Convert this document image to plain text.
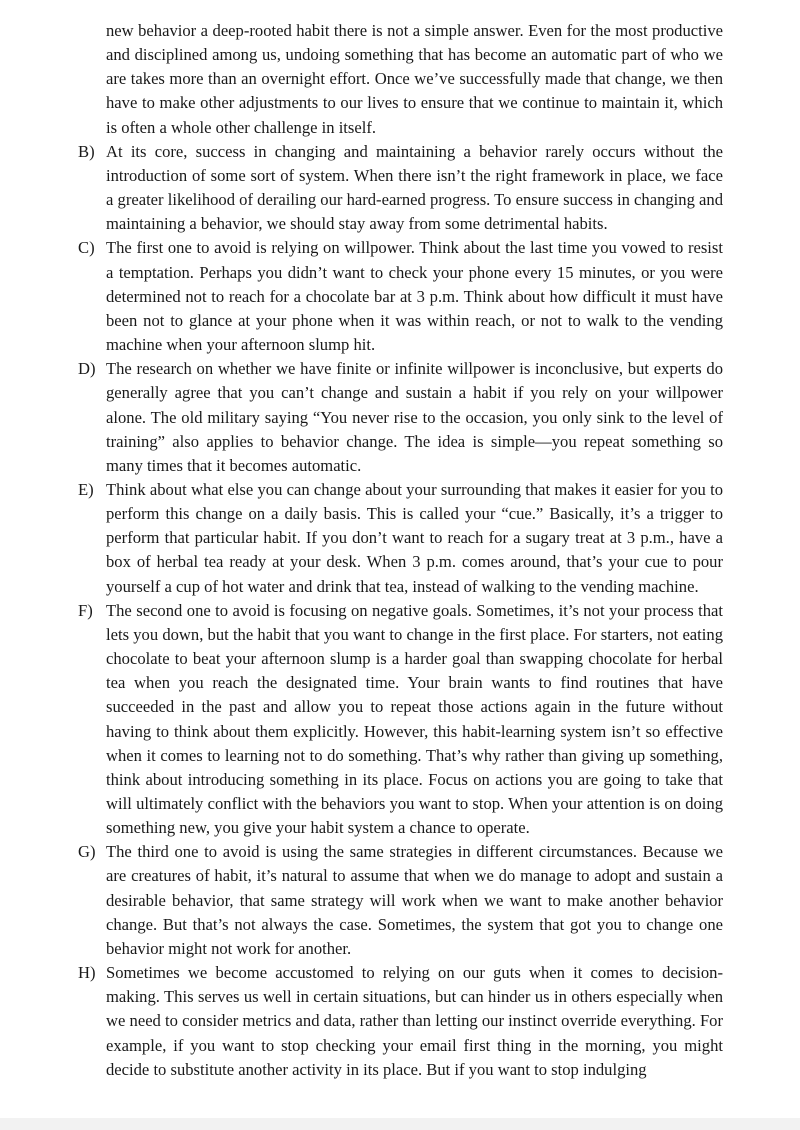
new behavior a deep-rooted habit there is not a simple answer. Even for the most productive and disciplined among us, undoing something that has become an automatic part of who we are takes more than an overnight effort. Once we’ve successfully made that change, we then have to make other adjustments to our lives to ensure that we continue to maintain it, which is often a whole other challenge in itself.

B) At its core, success in changing and maintaining a behavior rarely occurs without the introduction of some sort of system. When there isn’t the right framework in place, we face a greater likelihood of derailing our hard-earned progress. To ensure success in changing and maintaining a behavior, we should stay away from some detrimental habits.
C) The first one to avoid is relying on willpower. Think about the last time you vowed to resist a temptation. Perhaps you didn’t want to check your phone every 15 minutes, or you were determined not to reach for a chocolate bar at 3 p.m. Think about how difficult it must have been not to glance at your phone when it was within reach, or not to walk to the vending machine when your afternoon slump hit.
D) The research on whether we have finite or infinite willpower is inconclusive, but experts do generally agree that you can’t change and sustain a habit if you rely on your willpower alone. The old military saying “You never rise to the occasion, you only sink to the level of training” also applies to behavior change. The idea is simple—you repeat something so many times that it becomes automatic.
E) Think about what else you can change about your surrounding that makes it easier for you to perform this change on a daily basis. This is called your “cue.” Basically, it’s a trigger to perform that particular habit. If you don’t want to reach for a sugary treat at 3 p.m., have a box of herbal tea ready at your desk. When 3 p.m. comes around, that’s your cue to pour yourself a cup of hot water and drink that tea, instead of walking to the vending machine.
F) The second one to avoid is focusing on negative goals. Sometimes, it’s not your process that lets you down, but the habit that you want to change in the first place. For starters, not eating chocolate to beat your afternoon slump is a harder goal than swapping chocolate for herbal tea when you reach the designated time. Your brain wants to find routines that have succeeded in the past and allow you to repeat those actions again in the future without having to think about them explicitly. However, this habit-learning system isn’t so effective when it comes to learning not to do something. That’s why rather than giving up something, think about introducing something in its place. Focus on actions you are going to take that will ultimately conflict with the behaviors you want to stop. When your attention is on doing something new, you give your habit system a chance to operate.
G) The third one to avoid is using the same strategies in different circumstances. Because we are creatures of habit, it’s natural to assume that when we do manage to adopt and sustain a desirable behavior, that same strategy will work when we want to make another behavior change. But that’s not always the case. Sometimes, the system that got you to change one behavior might not work for another.
H) Sometimes we become accustomed to relying on our guts when it comes to decision-making. This serves us well in certain situations, but can hinder us in others especially when we need to consider metrics and data, rather than letting our instinct override everything. For example, if you want to stop checking your email first thing in the morning, you might decide to substitute another activity in its place. But if you want to stop indulging
